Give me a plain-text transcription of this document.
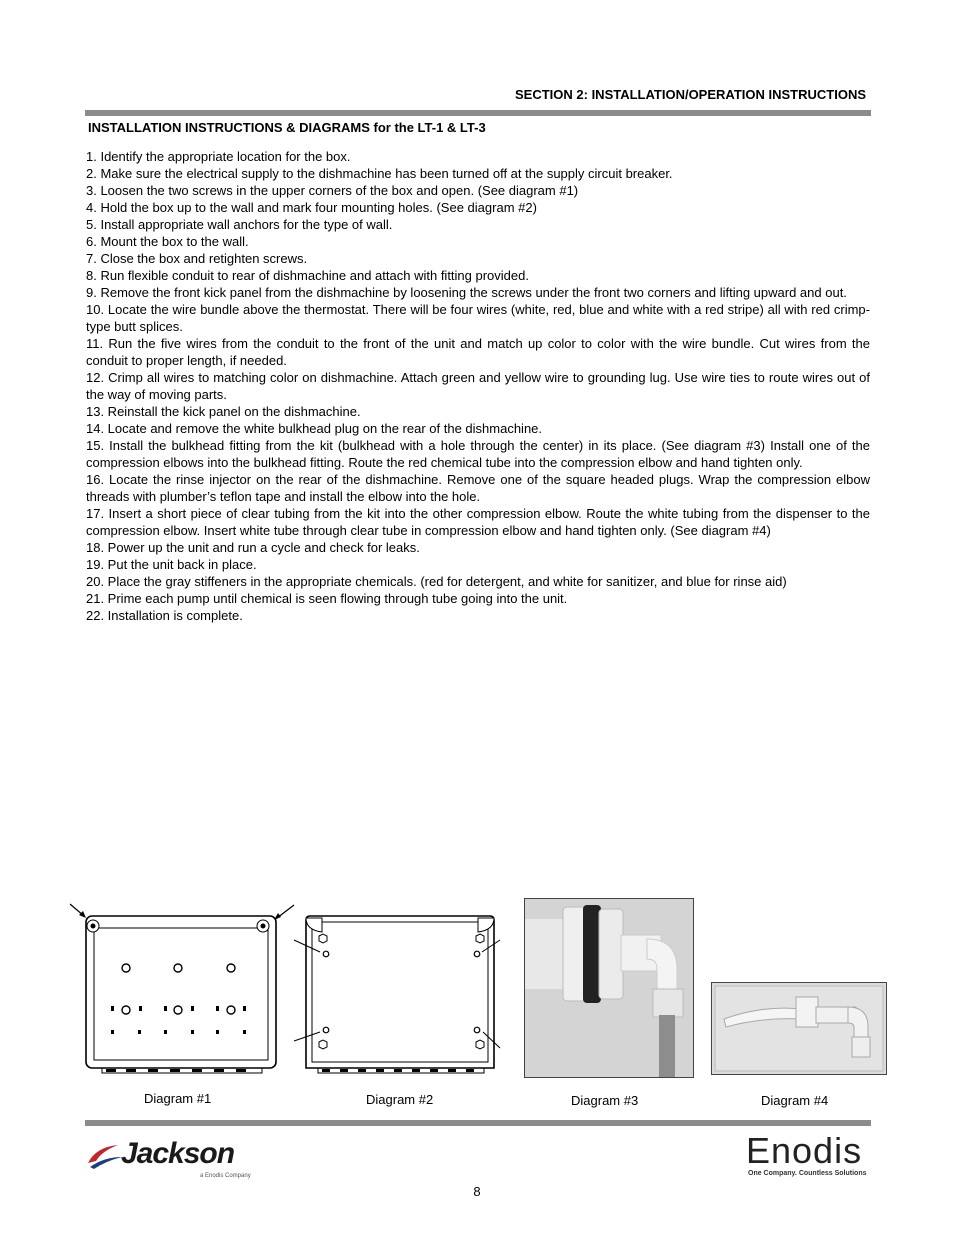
SECTION 2: INSTALLATION/OPERATION INSTRUCTIONS
INSTALLATION INSTRUCTIONS & DIAGRAMS for the LT-1 & LT-3

1. Identify the appropriate location for the box.

2. Make sure the electrical supply to the dishmachine has been turned off at the supply circuit breaker.

3. Loosen the two screws in the upper corners of the box and open. (See diagram #1)

4. Hold the box up to the wall and mark four mounting holes. (See diagram #2)

5. Install appropriate wall anchors for the type of wall.

6. Mount the box to the wall.

7. Close the box and retighten screws.

8. Run flexible conduit to rear of dishmachine and attach with fitting provided.

9. Remove the front kick panel from the dishmachine by loosening the screws under the front two corners and lifting upward and out.

10. Locate the wire bundle above the thermostat. There will be four wires (white, red, blue and white with a red stripe) all with red crimp-type butt splices.

11. Run the five wires from the conduit to the front of the unit and match up color to color with the wire bundle. Cut wires from the conduit to proper length, if needed.

12. Crimp all wires to matching color on dishmachine. Attach green and yellow wire to grounding lug. Use wire ties to route wires out of the way of moving parts.

13. Reinstall the kick panel on the dishmachine.

14. Locate and remove the white bulkhead plug on the rear of the dishmachine.

15. Install the bulkhead fitting from the kit (bulkhead with a hole through the center) in its place. (See diagram #3) Install one of the compression elbows into the bulkhead fitting. Route the red chemical tube into the compression elbow and hand tighten only.

16. Locate the rinse injector on the rear of the dishmachine. Remove one of the square headed plugs. Wrap the compression elbow threads with plumber’s teflon tape and install the elbow into the hole.

17. Insert a short piece of clear tubing from the kit into the other compression elbow. Route the white tubing from the dispenser to the compression elbow. Insert white tube through clear tube in compression elbow and hand tighten only. (See diagram #4)

18. Power up the unit and run a cycle and check for leaks.

19. Put the unit back in place.

20. Place the gray stiffeners in the appropriate chemicals. (red for detergent, and white for sanitizer, and blue for rinse aid)

21. Prime each pump until chemical is seen flowing through tube going into the unit.

22. Installation is complete.

Diagram #1	Diagram #2	Diagram #3	Diagram #4
Jackson
a Enodis Company
Enodis
One Company. Countless Solutions
8
